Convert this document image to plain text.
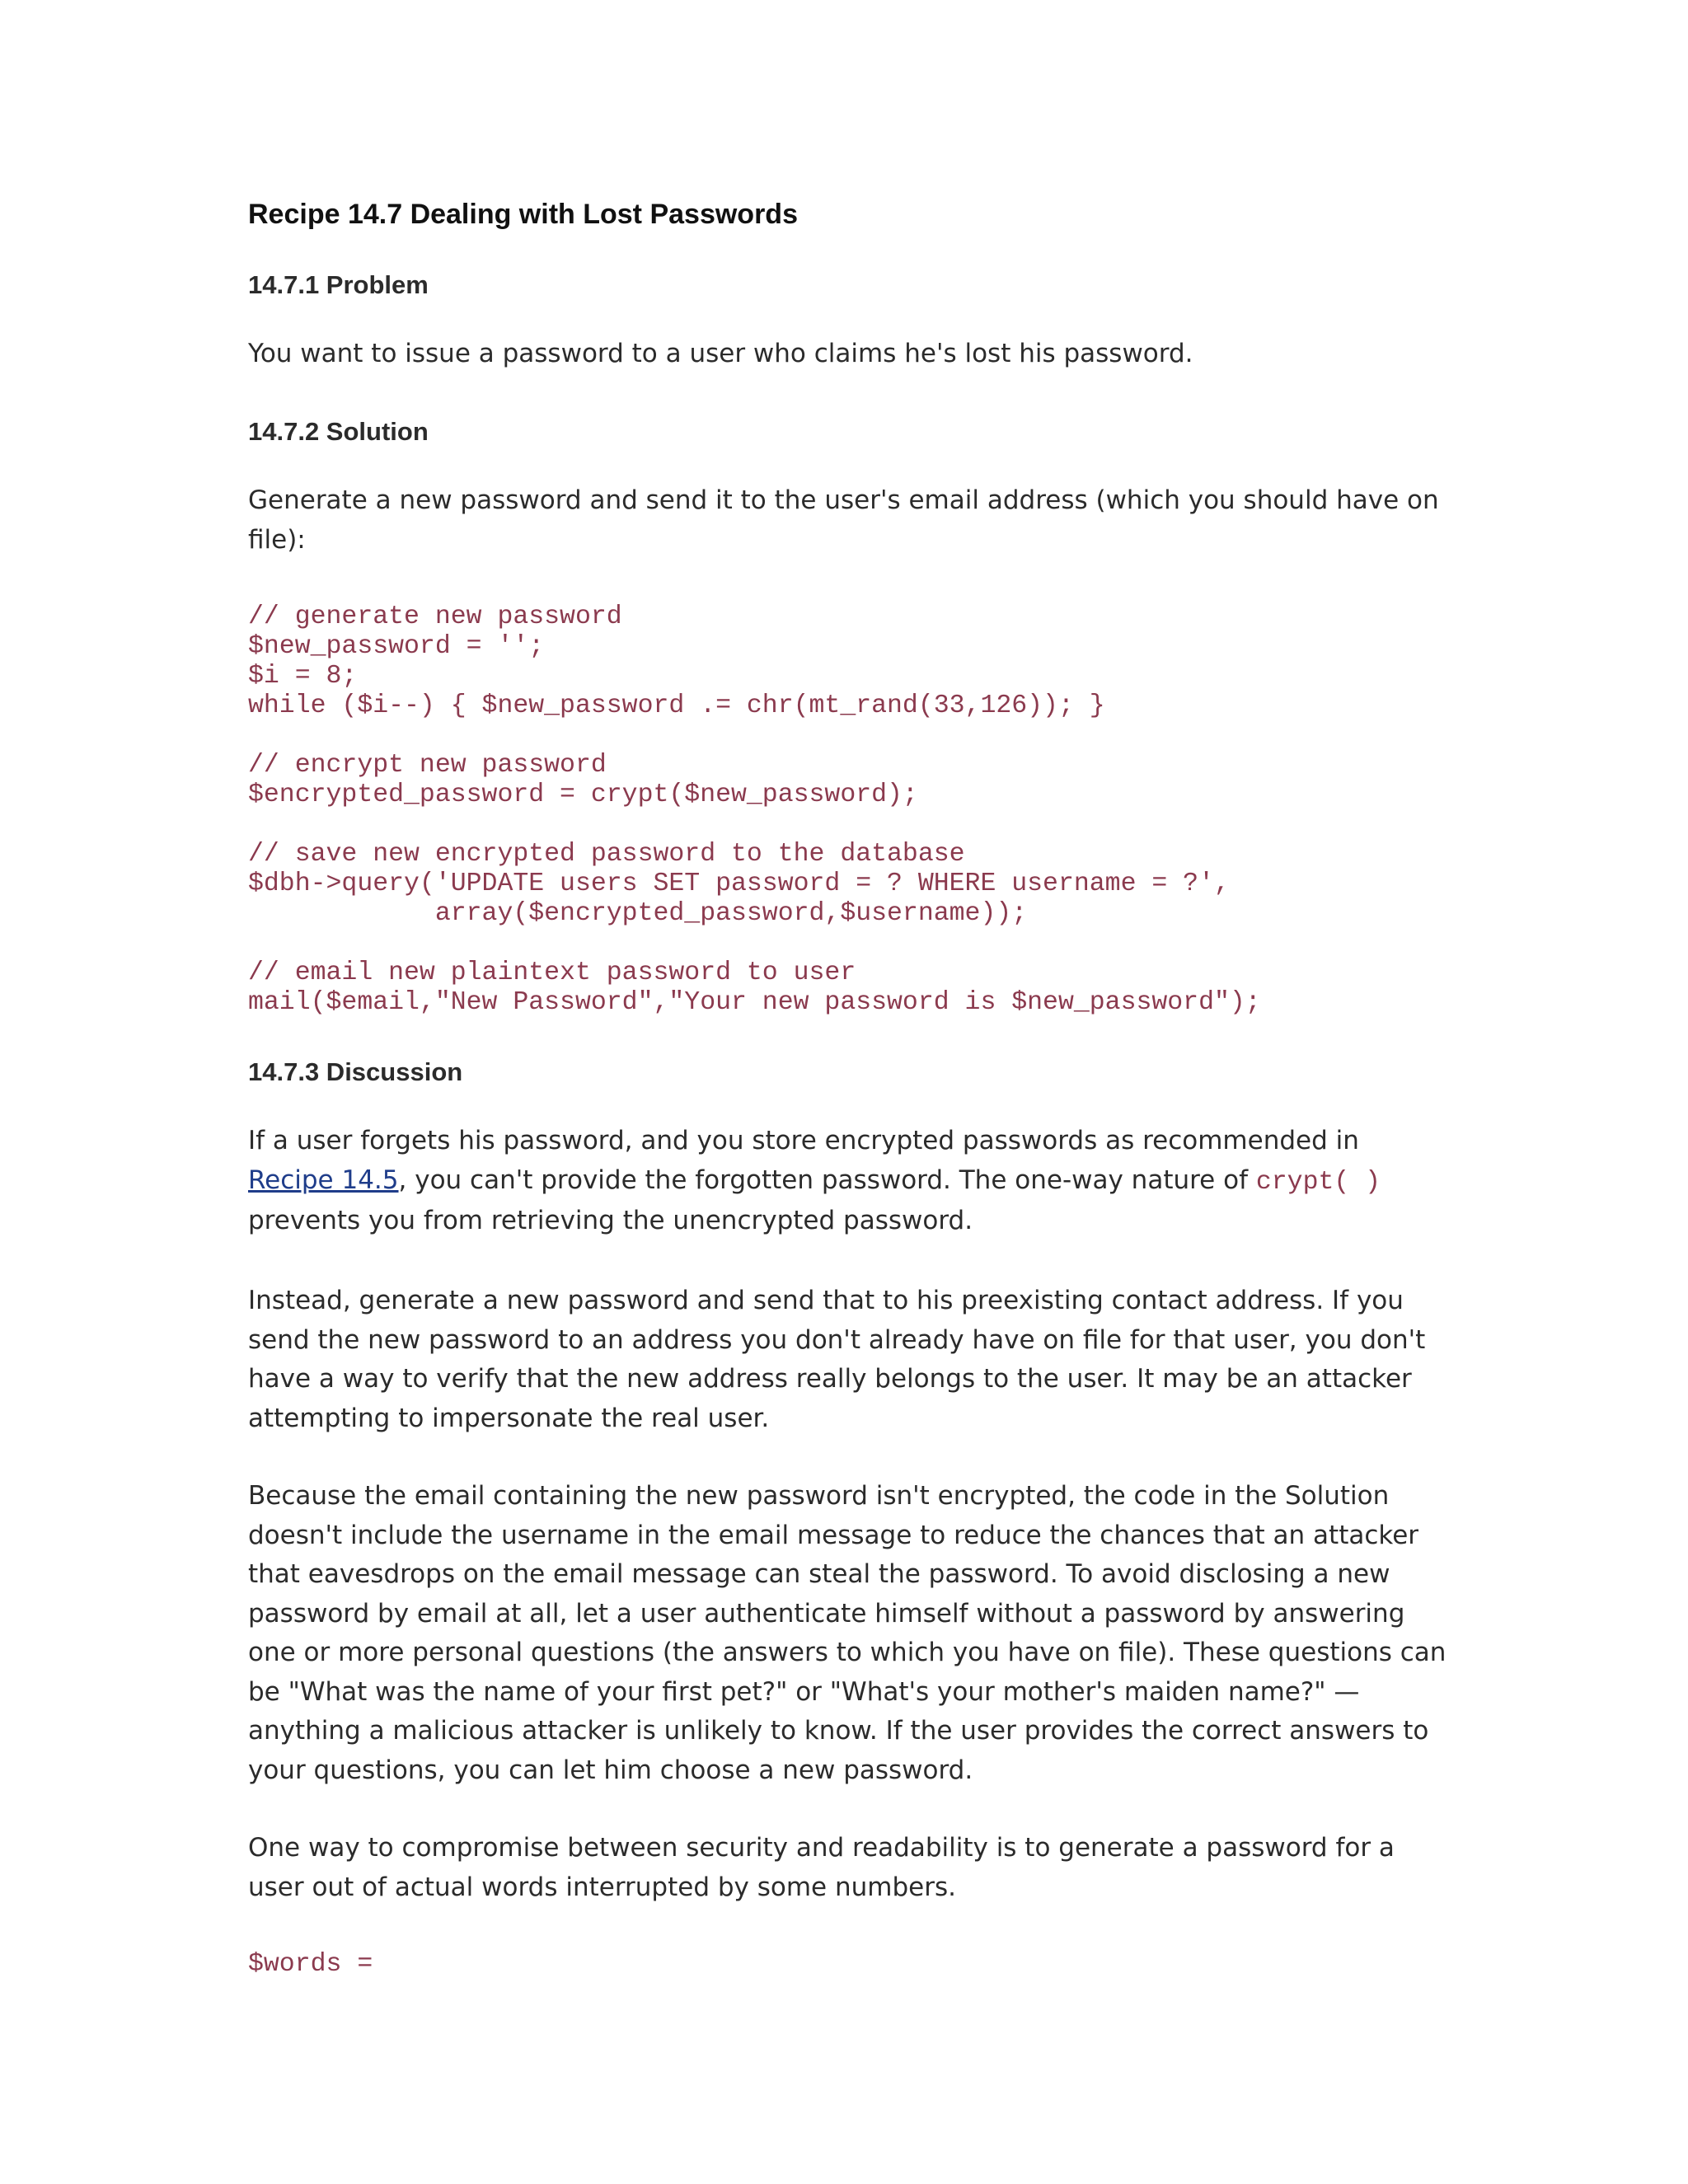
Recipe 14.7 Dealing with Lost Passwords
14.7.1 Problem

You want to issue a password to a user who claims he's lost his password.

14.7.2 Solution

Generate a new password and send it to the user's email address (which you should have on file):

// generate new password
$new_password = '';
$i = 8;
while ($i--) { $new_password .= chr(mt_rand(33,126)); }

// encrypt new password
$encrypted_password = crypt($new_password);

// save new encrypted password to the database
$dbh->query('UPDATE users SET password = ? WHERE username = ?',
array($encrypted_password,$username));

// email new plaintext password to user
mail($email,"New Password","Your new password is $new_password");
14.7.3 Discussion

If a user forgets his password, and you store encrypted passwords as recommended in Recipe 14.5, you can't provide the forgotten password. The one-way nature of crypt( ) prevents you from retrieving the unencrypted password.

Instead, generate a new password and send that to his preexisting contact address. If you send the new password to an address you don't already have on file for that user, you don't have a way to verify that the new address really belongs to the user. It may be an attacker attempting to impersonate the real user.

Because the email containing the new password isn't encrypted, the code in the Solution doesn't include the username in the email message to reduce the chances that an attacker that eavesdrops on the email message can steal the password. To avoid disclosing a new password by email at all, let a user authenticate himself without a password by answering one or more personal questions (the answers to which you have on file). These questions can be "What was the name of your first pet?" or "What's your mother's maiden name?" — anything a malicious attacker is unlikely to know. If the user provides the correct answers to your questions, you can let him choose a new password.

One way to compromise between security and readability is to generate a password for a user out of actual words interrupted by some numbers.

$words =
